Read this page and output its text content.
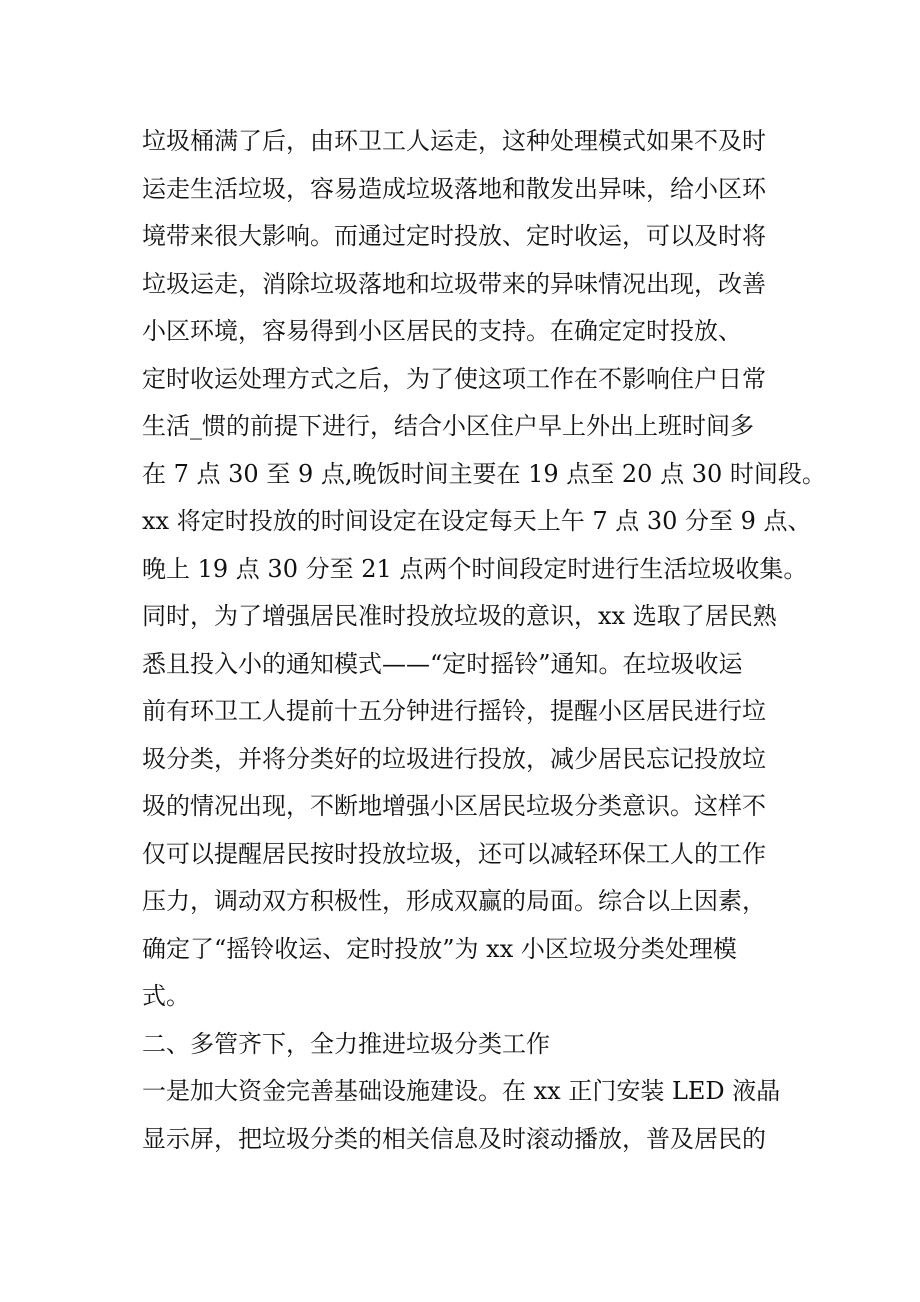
垃圾桶满了后，由环卫工人运走，这种处理模式如果不及时
运走生活垃圾，容易造成垃圾落地和散发出异味，给小区环
境带来很大影响。而通过定时投放、定时收运，可以及时将
垃圾运走，消除垃圾落地和垃圾带来的异味情况出现，改善
小区环境，容易得到小区居民的支持。在确定定时投放、
定时收运处理方式之后，为了使这项工作在不影响住户日常
生活_惯的前提下进行，结合小区住户早上外出上班时间多
在 7 点 30 至 9 点,晚饭时间主要在 19 点至 20 点 30 时间段。
xx 将定时投放的时间设定在设定每天上午 7 点 30 分至 9 点、
晚上 19 点 30 分至 21 点两个时间段定时进行生活垃圾收集。
同时，为了增强居民准时投放垃圾的意识，xx 选取了居民熟
悉且投入小的通知模式——“定时摇铃”通知。在垃圾收运
前有环卫工人提前十五分钟进行摇铃，提醒小区居民进行垃
圾分类，并将分类好的垃圾进行投放，减少居民忘记投放垃
圾的情况出现，不断地增强小区居民垃圾分类意识。这样不
仅可以提醒居民按时投放垃圾，还可以减轻环保工人的工作
压力，调动双方积极性，形成双赢的局面。综合以上因素，
确定了“摇铃收运、定时投放”为 xx 小区垃圾分类处理模
式。
二、多管齐下，全力推进垃圾分类工作
一是加大资金完善基础设施建设。在 xx 正门安装 LED 液晶
显示屏，把垃圾分类的相关信息及时滚动播放，普及居民的
